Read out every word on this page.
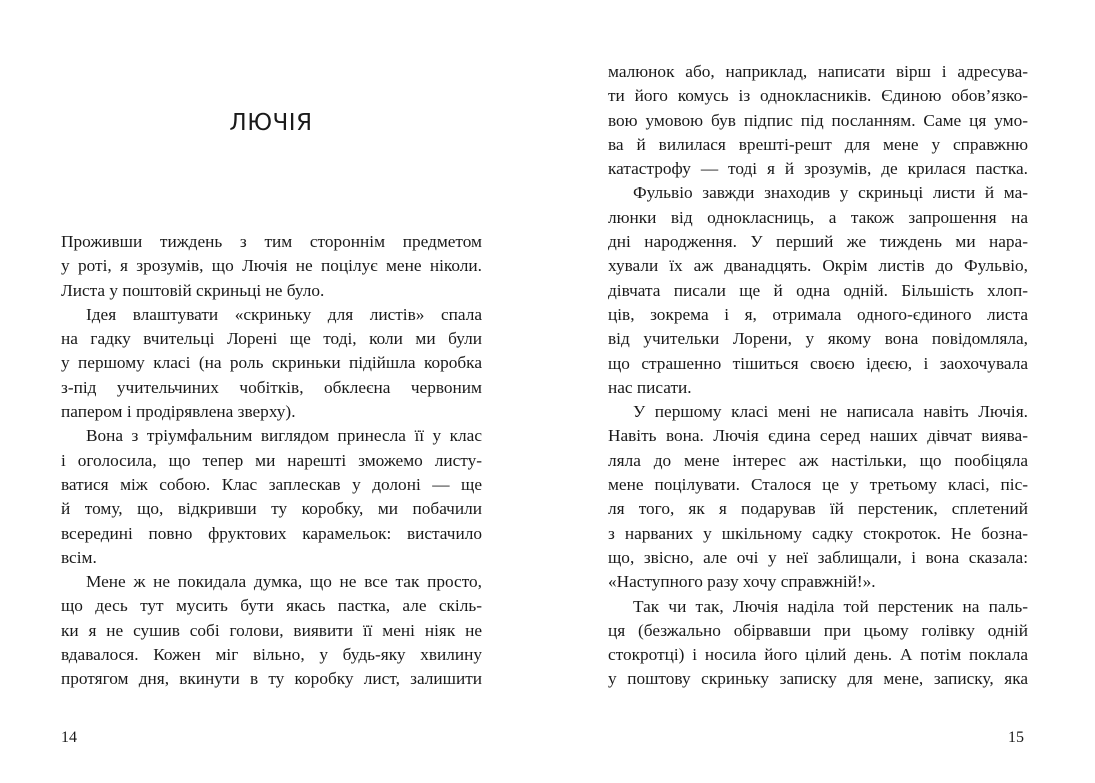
ЛЮЧІЯ
Проживши тиждень з тим стороннім предметом
у роті, я зрозумів, що Лючія не поцілує мене ніколи.
Листа у поштовій скриньці не було.
Ідея влаштувати «скриньку для листів» спала
на гадку вчительці Лорені ще тоді, коли ми були
у першому класі (на роль скриньки підійшла коробка
з-під учительчиних чобітків, обклеєна червоним
папером і продірявлена зверху).
Вона з тріумфальним виглядом принесла її у клас
і оголосила, що тепер ми нарешті зможемо листу-
ватися між собою. Клас заплескав у долоні — ще
й тому, що, відкривши ту коробку, ми побачили
всередині повно фруктових карамельок: вистачило
всім.
Мене ж не покидала думка, що не все так просто,
що десь тут мусить бути якась пастка, але скіль-
ки я не сушив собі голови, виявити її мені ніяк не
вдавалося. Кожен міг вільно, у будь-яку хвилину
протягом дня, вкинути в ту коробку лист, залишити
14
малюнок або, наприклад, написати вірш і адресува-
ти його комусь із однокласників. Єдиною обов’язко-
вою умовою був підпис під посланням. Саме ця умо-
ва й вилилася врешті-решт для мене у справжню
катастрофу — тоді я й зрозумів, де крилася пастка.
Фульвіо завжди знаходив у скриньці листи й ма-
люнки від однокласниць, а також запрошення на
дні народження. У перший же тиждень ми нара-
хували їх аж дванадцять. Окрім листів до Фульвіо,
дівчата писали ще й одна одній. Більшість хлоп-
ців, зокрема і я, отримала одного-єдиного листа
від учительки Лорени, у якому вона повідомляла,
що страшенно тішиться своєю ідеєю, і заохочувала
нас писати.
У першому класі мені не написала навіть Лючія.
Навіть вона. Лючія єдина серед наших дівчат виява-
ляла до мене інтерес аж настільки, що пообіцяла
мене поцілувати. Сталося це у третьому класі, піс-
ля того, як я подарував їй перстеник, сплетений
з нарваних у шкільному садку стокроток. Не бозна-
що, звісно, але очі у неї заблищали, і вона сказала:
«Наступного разу хочу справжній!».
Так чи так, Лючія наділа той перстеник на паль-
ця (безжально обірвавши при цьому голівку одній
стокротці) і носила його цілий день. А потім поклала
у поштову скриньку записку для мене, записку, яка
15
